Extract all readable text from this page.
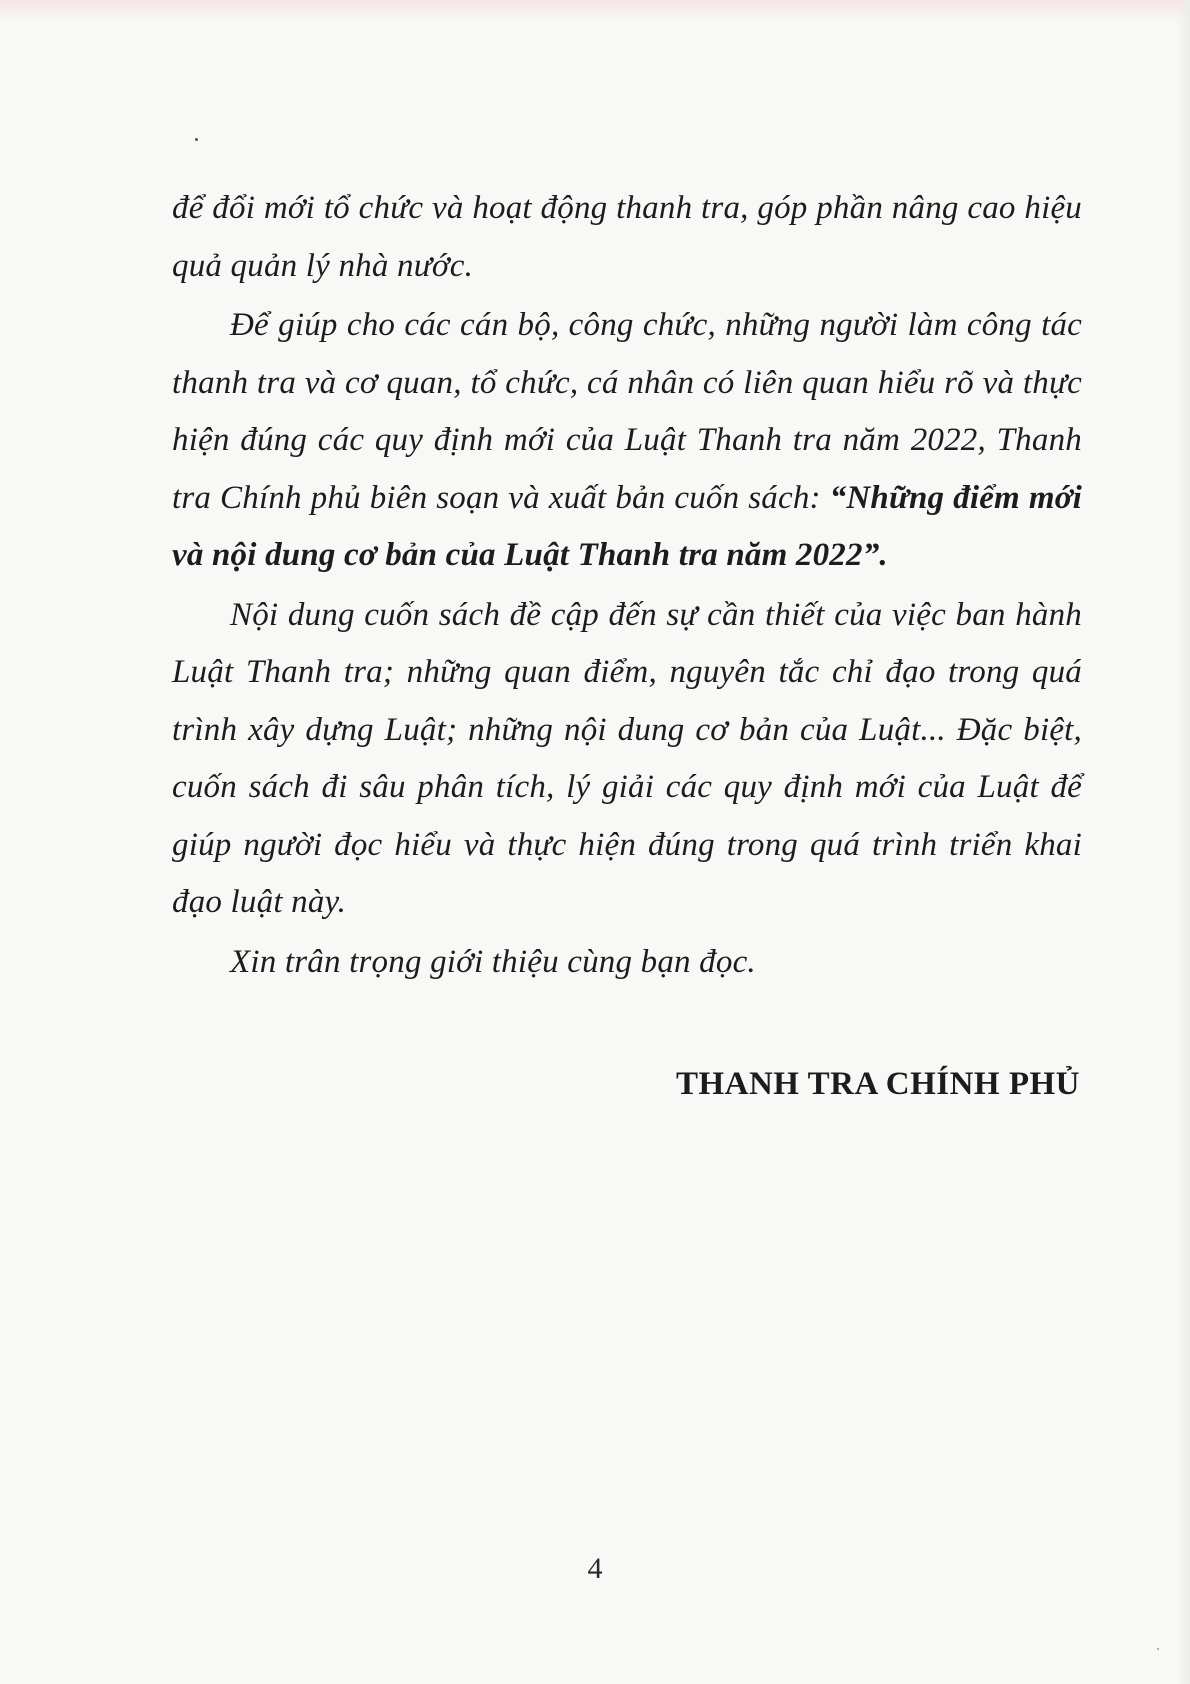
để đổi mới tổ chức và hoạt động thanh tra, góp phần nâng cao hiệu quả quản lý nhà nước.

Để giúp cho các cán bộ, công chức, những người làm công tác thanh tra và cơ quan, tổ chức, cá nhân có liên quan hiểu rõ và thực hiện đúng các quy định mới của Luật Thanh tra năm 2022, Thanh tra Chính phủ biên soạn và xuất bản cuốn sách: “Những điểm mới và nội dung cơ bản của Luật Thanh tra năm 2022”.

Nội dung cuốn sách đề cập đến sự cần thiết của việc ban hành Luật Thanh tra; những quan điểm, nguyên tắc chỉ đạo trong quá trình xây dựng Luật; những nội dung cơ bản của Luật... Đặc biệt, cuốn sách đi sâu phân tích, lý giải các quy định mới của Luật để giúp người đọc hiểu và thực hiện đúng trong quá trình triển khai đạo luật này.

Xin trân trọng giới thiệu cùng bạn đọc.

THANH TRA CHÍNH PHỦ
4
